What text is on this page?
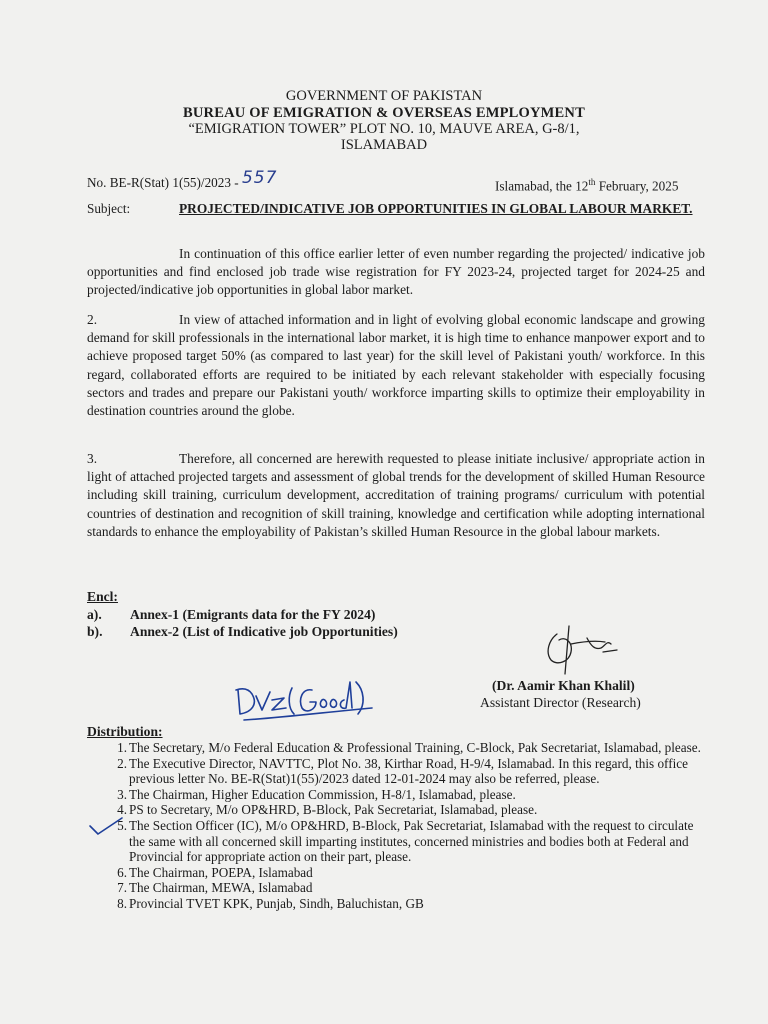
GOVERNMENT OF PAKISTAN
BUREAU OF EMIGRATION & OVERSEAS EMPLOYMENT
“EMIGRATION TOWER” PLOT NO. 10, MAUVE AREA, G-8/1,
ISLAMABAD
No. BE-R(Stat) 1(55)/2023 - 557	Islamabad, the 12th February, 2025
Subject:	PROJECTED/INDICATIVE JOB OPPORTUNITIES IN GLOBAL LABOUR MARKET.
In continuation of this office earlier letter of even number regarding the projected/ indicative job opportunities and find enclosed job trade wise registration for FY 2023-24, projected target for 2024-25 and projected/indicative job opportunities in global labor market.
2.	In view of attached information and in light of evolving global economic landscape and growing demand for skill professionals in the international labor market, it is high time to enhance manpower export and to achieve proposed target 50% (as compared to last year) for the skill level of Pakistani youth/ workforce. In this regard, collaborated efforts are required to be initiated by each relevant stakeholder with especially focusing sectors and trades and prepare our Pakistani youth/ workforce imparting skills to optimize their employability in destination countries around the globe.
3.	Therefore, all concerned are herewith requested to please initiate inclusive/ appropriate action in light of attached projected targets and assessment of global trends for the development of skilled Human Resource including skill training, curriculum development, accreditation of training programs/ curriculum with potential countries of destination and recognition of skill training, knowledge and certification while adopting international standards to enhance the employability of Pakistan’s skilled Human Resource in the global labour markets.
Encl:
a). Annex-1 (Emigrants data for the FY 2024)
b). Annex-2 (List of Indicative job Opportunities)
(Dr. Aamir Khan Khalil)
Assistant Director (Research)
Distribution:
1. The Secretary, M/o Federal Education & Professional Training, C-Block, Pak Secretariat, Islamabad, please.
2. The Executive Director, NAVTTC, Plot No. 38, Kirthar Road, H-9/4, Islamabad. In this regard, this office previous letter No. BE-R(Stat)1(55)/2023 dated 12-01-2024 may also be referred, please.
3. The Chairman, Higher Education Commission, H-8/1, Islamabad, please.
4. PS to Secretary, M/o OP&HRD, B-Block, Pak Secretariat, Islamabad, please.
5. The Section Officer (IC), M/o OP&HRD, B-Block, Pak Secretariat, Islamabad with the request to circulate the same with all concerned skill imparting institutes, concerned ministries and bodies both at Federal and Provincial for appropriate action on their part, please.
6. The Chairman, POEPA, Islamabad
7. The Chairman, MEWA, Islamabad
8. Provincial TVET KPK, Punjab, Sindh, Baluchistan, GB
